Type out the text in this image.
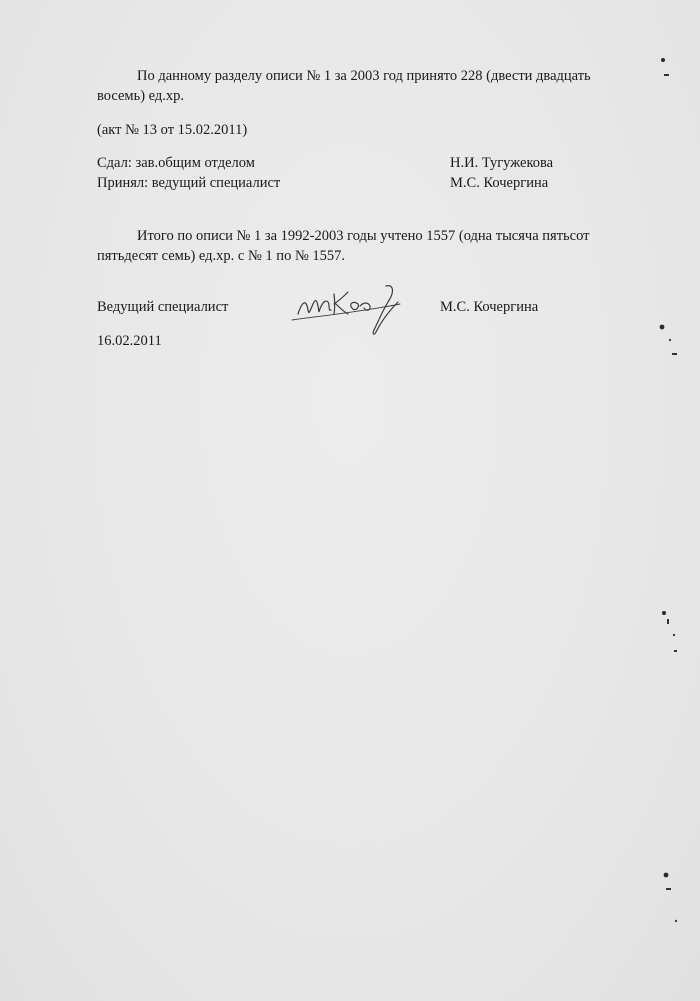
По данному разделу описи № 1 за 2003 год принято 228 (двести двадцать
восемь) ед.хр.
(акт № 13 от 15.02.2011)
Сдал: зав.общим отделом	Н.И. Тугужекова
Принял: ведущий специалист	М.С. Кочергина
Итого по описи № 1 за 1992-2003 годы учтено 1557 (одна тысяча пятьсот
пятьдесят семь) ед.хр. с № 1 по № 1557.
Ведущий специалист	М.С. Кочергина
16.02.2011
